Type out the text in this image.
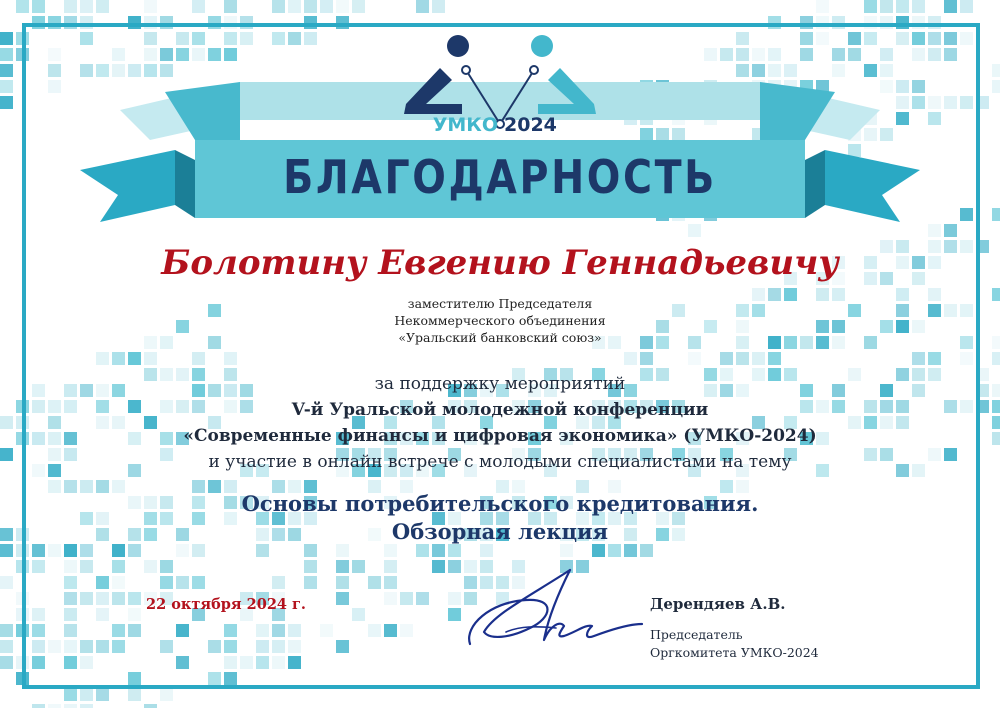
УМКО 2024
БЛАГОДАРНОСТЬ
Болотину Евгению Геннадьевичу
заместителю Председателя
Некоммерческого объединения
«Уральский банковский союз»
за поддержку мероприятий
V-й Уральской молодежной конференции
«Современные финансы и цифровая экономика» (УМКО-2024)
и участие в онлайн встрече с молодыми специалистами на тему
Основы потребительского кредитования.
Обзорная лекция
22 октября 2024 г.	Дерендяев А.В.
Председатель
Оргкомитета УМКО-2024
